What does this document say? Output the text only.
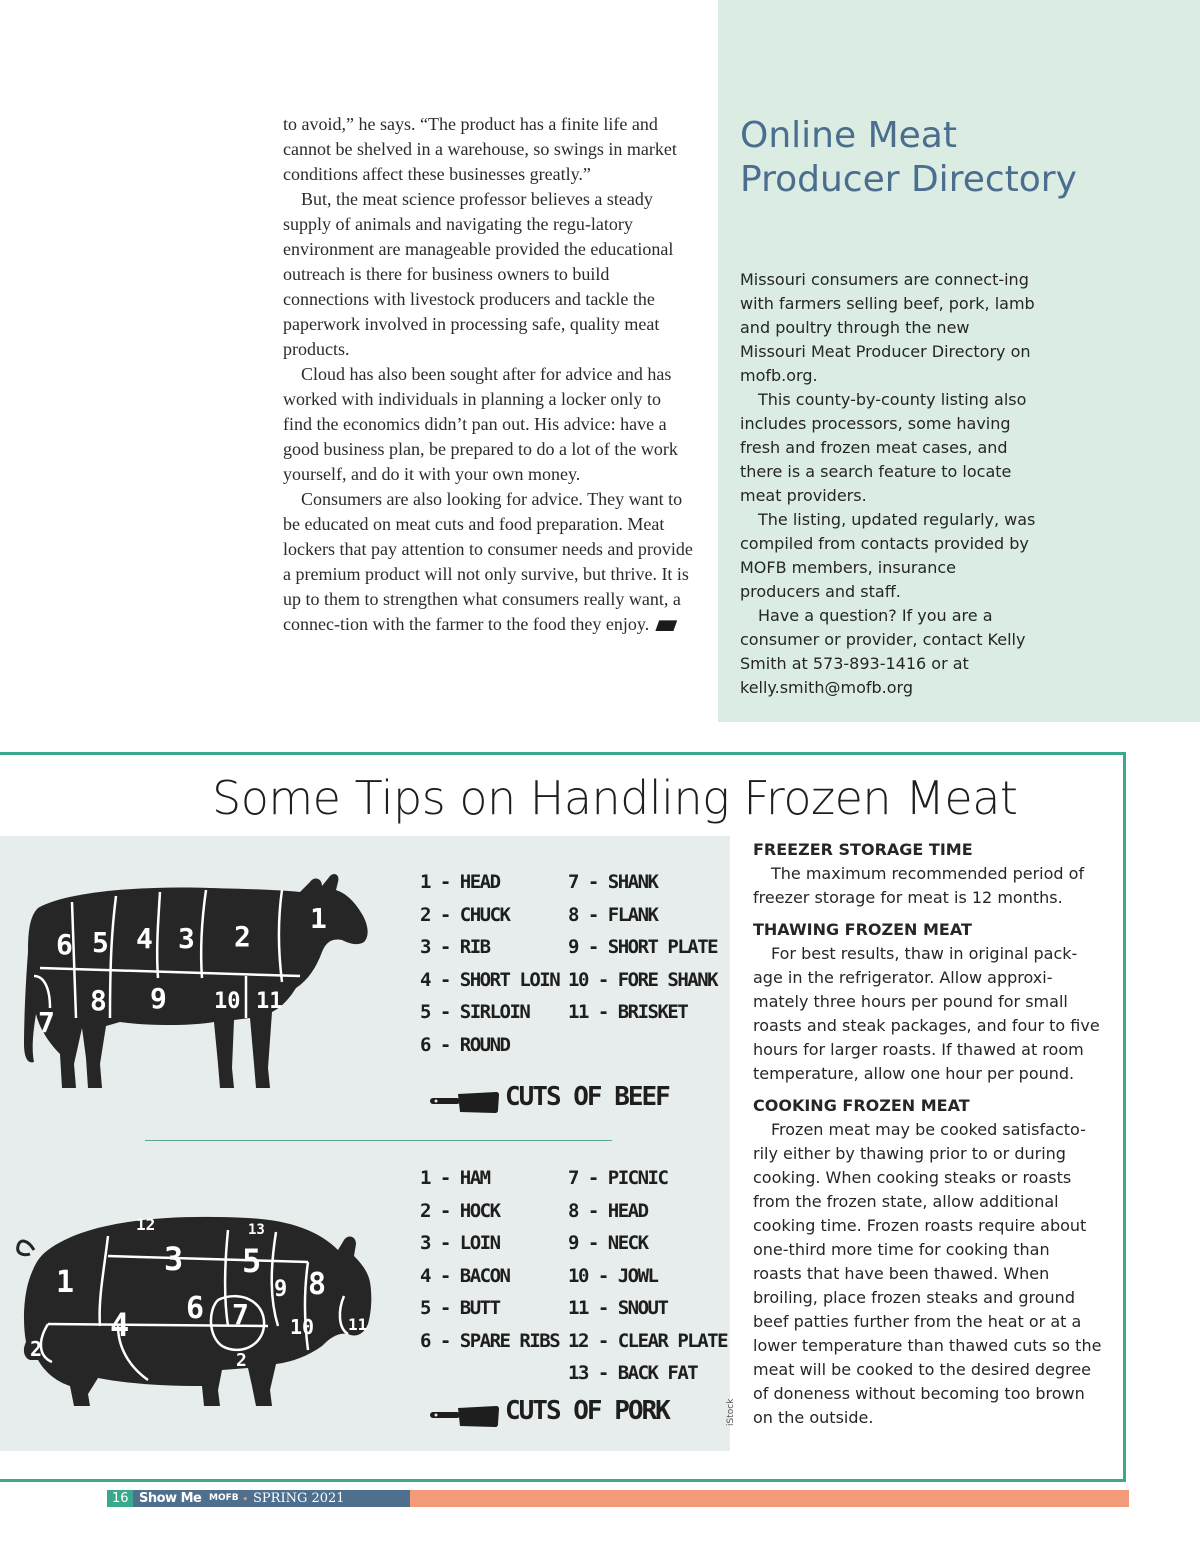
to avoid,” he says. “The product has a finite life and cannot be shelved in a warehouse, so swings in market conditions affect these businesses greatly.”

But, the meat science professor believes a steady supply of animals and navigating the regu-latory environment are manageable provided the educational outreach is there for business owners to build connections with livestock producers and tackle the paperwork involved in processing safe, quality meat products.

Cloud has also been sought after for advice and has worked with individuals in planning a locker only to find the economics didn’t pan out. His advice: have a good business plan, be prepared to do a lot of the work yourself, and do it with your own money.

Consumers are also looking for advice. They want to be educated on meat cuts and food preparation. Meat lockers that pay attention to consumer needs and provide a premium product will not only survive, but thrive. It is up to them to strengthen what consumers really want, a connec-tion with the farmer to the food they enjoy.

Online Meat Producer Directory

Missouri consumers are connect-ing with farmers selling beef, pork, lamb and poultry through the new Missouri Meat Producer Directory on mofb.org.

This county-by-county listing also includes processors, some having fresh and frozen meat cases, and there is a search feature to locate meat providers.

The listing, updated regularly, was compiled from contacts provided by MOFB members, insurance producers and staff.

Have a question? If you are a consumer or provider, contact Kelly Smith at 573-893-1416 or at kelly.smith@mofb.org

Some Tips on Handling Frozen Meat
6 5 4 3 2
1
7
8 9 10 11
1 - HEAD
2 - CHUCK
3 - RIB
4 - SHORT LOIN
5 - SIRLOIN
6 - ROUND
7 - SHANK
8 - FLANK
9 - SHORT PLATE
10 - FORE SHANK
11 - BRISKET
CUTS OF BEEF
1
2
3
4
5
6 7
8
9
10 11
12	13
2
1 - HAM
2 - HOCK
3 - LOIN
4 - BACON
5 - BUTT
6 - SPARE RIBS
7 - PICNIC
8 - HEAD
9 - NECK
10 - JOWL
11 - SNOUT
12 - CLEAR PLATE
13 - BACK FAT
CUTS OF PORK	iStock
FREEZER STORAGE TIME

The maximum recommended period of freezer storage for meat is 12 months.

THAWING FROZEN MEAT

For best results, thaw in original pack-age in the refrigerator. Allow approxi-mately three hours per pound for small roasts and steak packages, and four to five hours for larger roasts. If thawed at room temperature, allow one hour per pound.

COOKING FROZEN MEAT

Frozen meat may be cooked satisfacto-rily either by thawing prior to or during cooking. When cooking steaks or roasts from the frozen state, allow additional cooking time. Frozen roasts require about one-third more time for cooking than roasts that have been thawed. When broiling, place frozen steaks and ground beef patties further from the heat or at a lower temperature than thawed cuts so the meat will be cooked to the desired degree of doneness without becoming too brown on the outside.

16 Show Me MOFB • SPRING 2021
